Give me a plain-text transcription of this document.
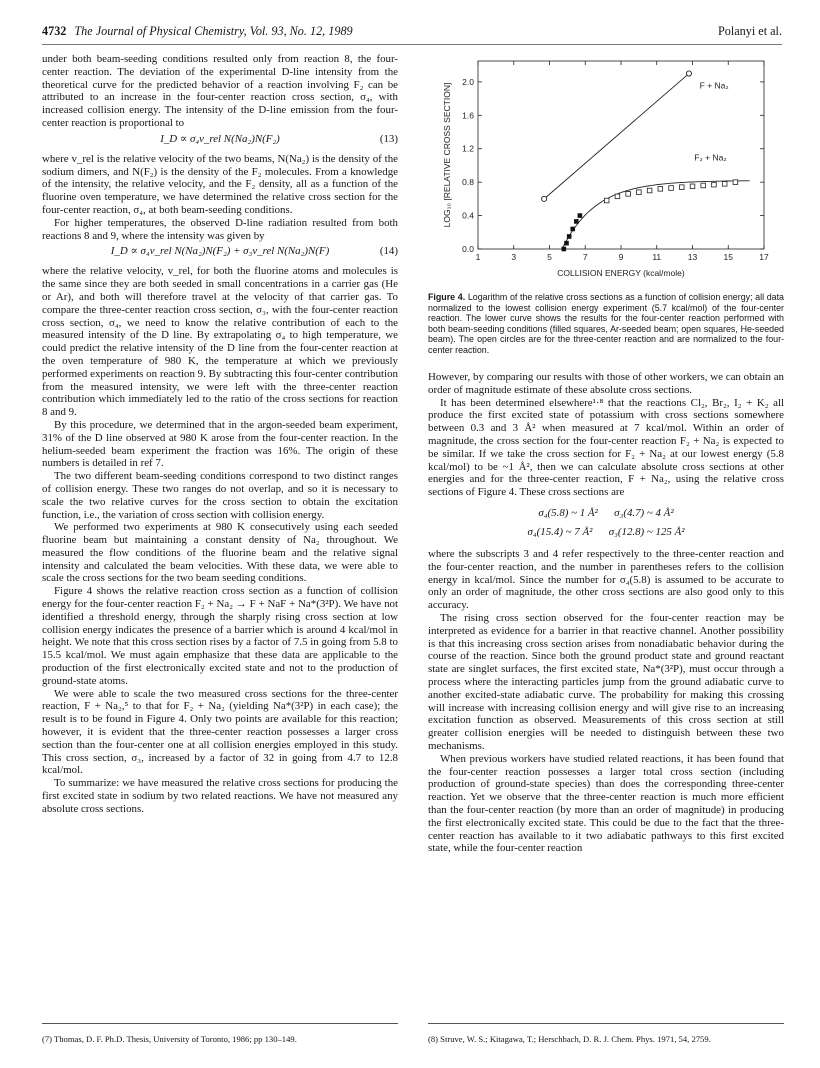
4732 The Journal of Physical Chemistry, Vol. 93, No. 12, 1989	Polanyi et al.

under both beam-seeding conditions resulted only from reaction 8, the four-center reaction. The deviation of the experimental D-line intensity from the theoretical curve for the predicted behavior of a reaction involving F₂ can be attributed to an increase in the four-center reaction cross section, σ₄, with increased collision energy. The intensity of the D-line emission from the four-center reaction is proportional to

I_D ∝ σ₄v_rel N(Na₂)N(F₂)	(13)

where v_rel is the relative velocity of the two beams, N(Na₂) is the density of the sodium dimers, and N(F₂) is the density of the F₂ molecules. From a knowledge of the intensity, the relative velocity, and the F₂ density, all as a function of the fluorine oven temperature, we have determined the relative cross section for the four-center reaction, σ₄, at both beam-seeding conditions.

For higher temperatures, the observed D-line radiation resulted from both reactions 8 and 9, where the intensity was given by

I_D ∝ σ₄v_rel N(Na₂)N(F₂) + σ₃v_rel N(Na₂)N(F)	(14)

where the relative velocity, v_rel, for both the fluorine atoms and molecules is the same since they are both seeded in small concentrations in a carrier gas (He or Ar), and both will therefore travel at the velocity of that carrier gas. To compare the three-center reaction cross section, σ₃, with the four-center reaction cross section, σ₄, we need to know the relative contribution of each to the measured intensity of the D line. By extrapolating σ₄ to high temperature, we could predict the relative intensity of the D line from the four-center reaction at the oven temperature of 980 K, the temperature at which we previously performed experiments on reaction 9. By subtracting this four-center contribution from the measured intensity, we were left with the three-center reaction contribution which immediately led to the ratio of the cross sections for reaction 8 and 9.

By this procedure, we determined that in the argon-seeded beam experiment, 31% of the D line observed at 980 K arose from the four-center reaction. In the helium-seeded beam experiment the fraction was 16%. The origin of these numbers is detailed in ref 7.

The two different beam-seeding conditions correspond to two distinct ranges of collision energy. These two ranges do not overlap, and so it is necessary to scale the two relative curves for the cross section to obtain the excitation function, i.e., the variation of cross section with collision energy.

We performed two experiments at 980 K consecutively using each seeded fluorine beam but maintaining a constant density of Na₂ throughout. We measured the flow conditions of the fluorine beam and the relative signal intensity and calculated the beam velocities. With these data, we were able to scale the cross sections for the two beam seeding conditions.

Figure 4 shows the relative reaction cross section as a function of collision energy for the four-center reaction F₂ + Na₂ → F + NaF + Na*(3²P). We have not identified a threshold energy, through the sharply rising cross section at low collision energy indicates the presence of a barrier which is around 4 kcal/mol in height. We note that this cross section rises by a factor of 7.5 in going from 5.8 to 15.5 kcal/mol. We must again emphasize that these data are applicable to the production of the first electronically excited state and not to the production of ground-state atoms.

We were able to scale the two measured cross sections for the three-center reaction, F + Na₂,⁵ to that for F₂ + Na₂ (yielding Na*(3²P) in each case); the result is to be found in Figure 4. Only two points are available for this reaction; however, it is evident that the three-center reaction possesses a larger cross section than the four-center one at all collision energies employed in this study. This cross section, σ₃, increased by a factor of 32 in going from 4.7 to 12.8 kcal/mol.

To summarize: we have measured the relative cross sections for producing the first excited state in sodium by two related reactions. We have not measured any absolute cross sections.

1	3	5	7	9	11	13	15	17
0.0
0.4
0.8
1.2
1.6
2.0
COLLISION ENERGY (kcal/mole)
LOG₁₀ [RELATIVE CROSS SECTION]	F + Na₂
F₂ + Na₂
Figure 4. Logarithm of the relative cross sections as a function of collision energy; all data normalized to the lowest collision energy experiment (5.7 kcal/mol) of the four-center reaction. The lower curve shows the results for the four-center reaction performed with both beam-seeding conditions (filled squares, Ar-seeded beam; open squares, He-seeded beam). The open circles are for the three-center reaction and are normalized to the four-center reaction.

However, by comparing our results with those of other workers, we can obtain an order of magnitude estimate of these absolute cross sections.

It has been determined elsewhere¹·⁸ that the reactions Cl₂, Br₂, I₂ + K₂ all produce the first excited state of potassium with cross sections somewhere between 0.3 and 3 Å² when measured at 7 kcal/mol. Within an order of magnitude, the cross section for the four-center reaction F₂ + Na₂ is expected to be similar. If we take the cross section for F₂ + Na₂ at our lowest energy (5.8 kcal/mol) to be ~1 Å², then we can calculate absolute cross sections at other energies and for the three-center reaction, F + Na₂, using the relative cross sections of Figure 4. These cross sections are

σ₄(5.8) ~ 1 Å²      σ₃(4.7) ~ 4 Å²
σ₄(15.4) ~ 7 Å²      σ₃(12.8) ~ 125 Å²

where the subscripts 3 and 4 refer respectively to the three-center reaction and the four-center reaction, and the number in parentheses refers to the collision energy in kcal/mol. Since the number for σ₄(5.8) is assumed to be accurate to only an order of magnitude, the other cross sections are also good only to this accuracy.

The rising cross section observed for the four-center reaction may be interpreted as evidence for a barrier in that reactive channel. Another possibility is that this increasing cross section arises from nonadiabatic behavior during the course of the reaction. Since both the ground product state and ground reactant state are singlet surfaces, the first excited state, Na*(3²P), must occur through a process where the interacting particles jump from the ground adiabatic curve to another excited-state adiabatic curve. The probability for making this crossing will increase with increasing collision energy and will give rise to an increasing excitation function as observed. Measurements of this cross section at still greater collision energies will be needed to distinguish between these two mechanisms.

When previous workers have studied related reactions, it has been found that the four-center reaction possesses a larger total cross section (including production of ground-state species) than does the corresponding three-center reaction. Yet we observe that the three-center reaction is much more efficient than the four-center reaction (by more than an order of magnitude) in producing the first electronically excited state. This could be due to the fact that the three-center reaction has available to it two adiabatic pathways to this first excited state, while the four-center reaction

(7) Thomas, D. F. Ph.D. Thesis, University of Toronto, 1986; pp 130–149.	(8) Struve, W. S.; Kitagawa, T.; Herschbach, D. R. J. Chem. Phys. 1971, 54, 2759.
